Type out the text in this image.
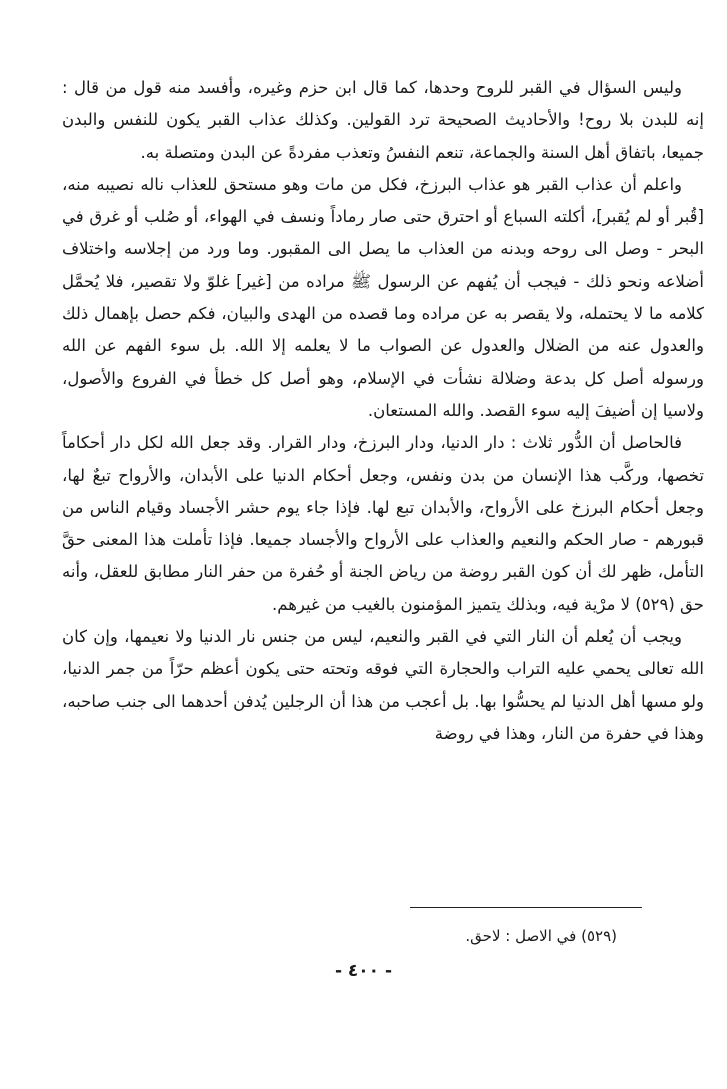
وليس السؤال في القبر للروح وحدها، كما قال ابن حزم وغيره، وأفسد منه قول من قال : إنه للبدن بلا روح! والأحاديث الصحيحة ترد القولين. وكذلك عذاب القبر يكون للنفس والبدن جميعا، باتفاق أهل السنة والجماعة، تنعم النفسُ وتعذب مفردةً عن البدن ومتصلة به.

واعلم أن عذاب القبر هو عذاب البرزخ، فكل من مات وهو مستحق للعذاب ناله نصيبه منه، [قُبر أو لم يُقبر]، أكلته السباع أو احترق حتى صار رماداً ونسف في الهواء، أو صُلب أو غرق في البحر - وصل الى روحه وبدنه من العذاب ما يصل الى المقبور. وما ورد من إجلاسه واختلاف أضلاعه ونحو ذلك - فيجب أن يُفهم عن الرسول ﷺ مراده من [غير] غلوّ ولا تقصير، فلا يُحمَّل كلامه ما لا يحتمله، ولا يقصر به عن مراده وما قصده من الهدى والبيان، فكم حصل بإهمال ذلك والعدول عنه من الضلال والعدول عن الصواب ما لا يعلمه إلا الله. بل سوء الفهم عن الله ورسوله أصل كل بدعة وضلالة نشأت في الإسلام، وهو أصل كل خطأ في الفروع والأصول، ولاسيا إن أضيفَ إليه سوء القصد. والله المستعان.

فالحاصل أن الدُّور ثلاث : دار الدنيا، ودار البرزخ، ودار القرار. وقد جعل الله لكل دار أحكاماً تخصها، وركَّب هذا الإنسان من بدن ونفس، وجعل أحكام الدنيا على الأبدان، والأرواح تبعٌ لها، وجعل أحكام البرزخ على الأرواح، والأبدان تبع لها. فإذا جاء يوم حشر الأجساد وقيام الناس من قبورهم - صار الحكم والنعيم والعذاب على الأرواح والأجساد جميعا. فإذا تأملت هذا المعنى حقَّ التأمل، ظهر لك أن كون القبر روضة من رياض الجنة أو حُفرة من حفر النار مطابق للعقل، وأنه حق (٥٢٩) لا مرْية فيه، وبذلك يتميز المؤمنون بالغيب من غيرهم.

ويجب أن يُعلم أن النار التي في القبر والنعيم، ليس من جنس نار الدنيا ولا نعيمها، وإن كان الله تعالى يحمي عليه التراب والحجارة التي فوقه وتحته حتى يكون أعظم حرّاً من جمر الدنيا، ولو مسها أهل الدنيا لم يحسُّوا بها. بل أعجب من هذا أن الرجلين يُدفن أحدهما الى جنب صاحبه، وهذا في حفرة من النار، وهذا في روضة

(٥٢٩) في الاصل : لاحق.
- ٤٠٠ -
